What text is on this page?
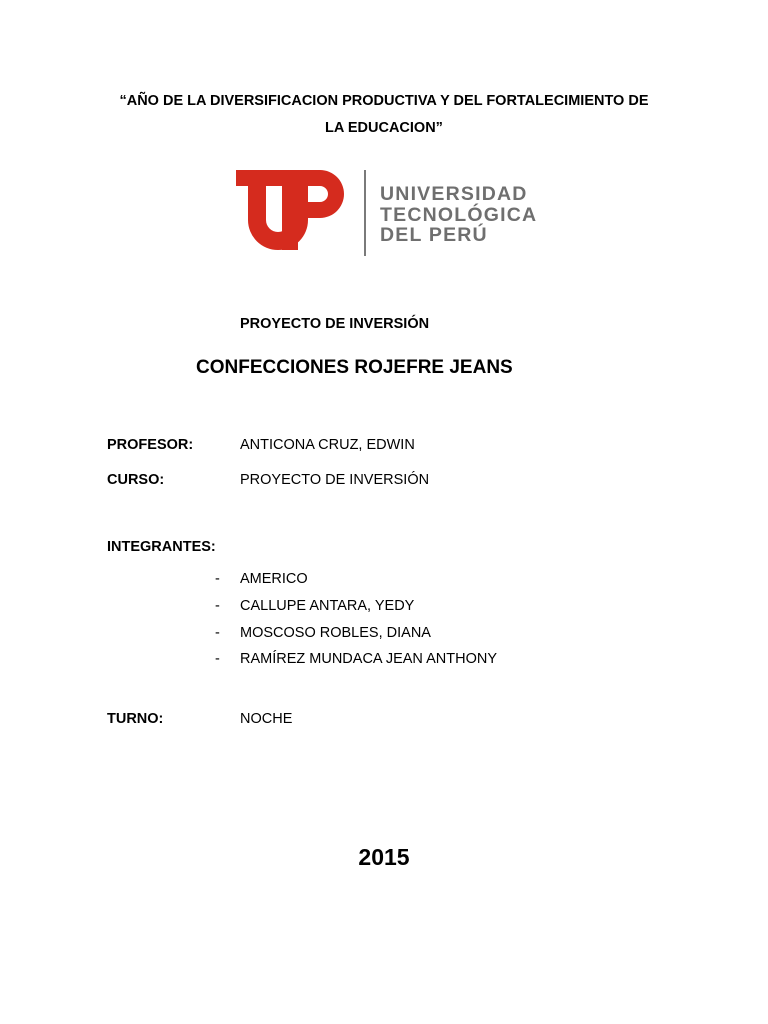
“AÑO DE LA DIVERSIFICACION PRODUCTIVA Y DEL FORTALECIMIENTO DE
LA EDUCACION”
UNIVERSIDAD
TECNOLÓGICA
DEL PERÚ
PROYECTO DE INVERSIÓN
CONFECCIONES ROJEFRE JEANS
PROFESOR:	ANTICONA CRUZ, EDWIN
CURSO:	PROYECTO DE INVERSIÓN
INTEGRANTES:
- AMERICO
- CALLUPE ANTARA, YEDY
- MOSCOSO ROBLES, DIANA
- RAMÍREZ MUNDACA JEAN ANTHONY
TURNO:	NOCHE
2015
